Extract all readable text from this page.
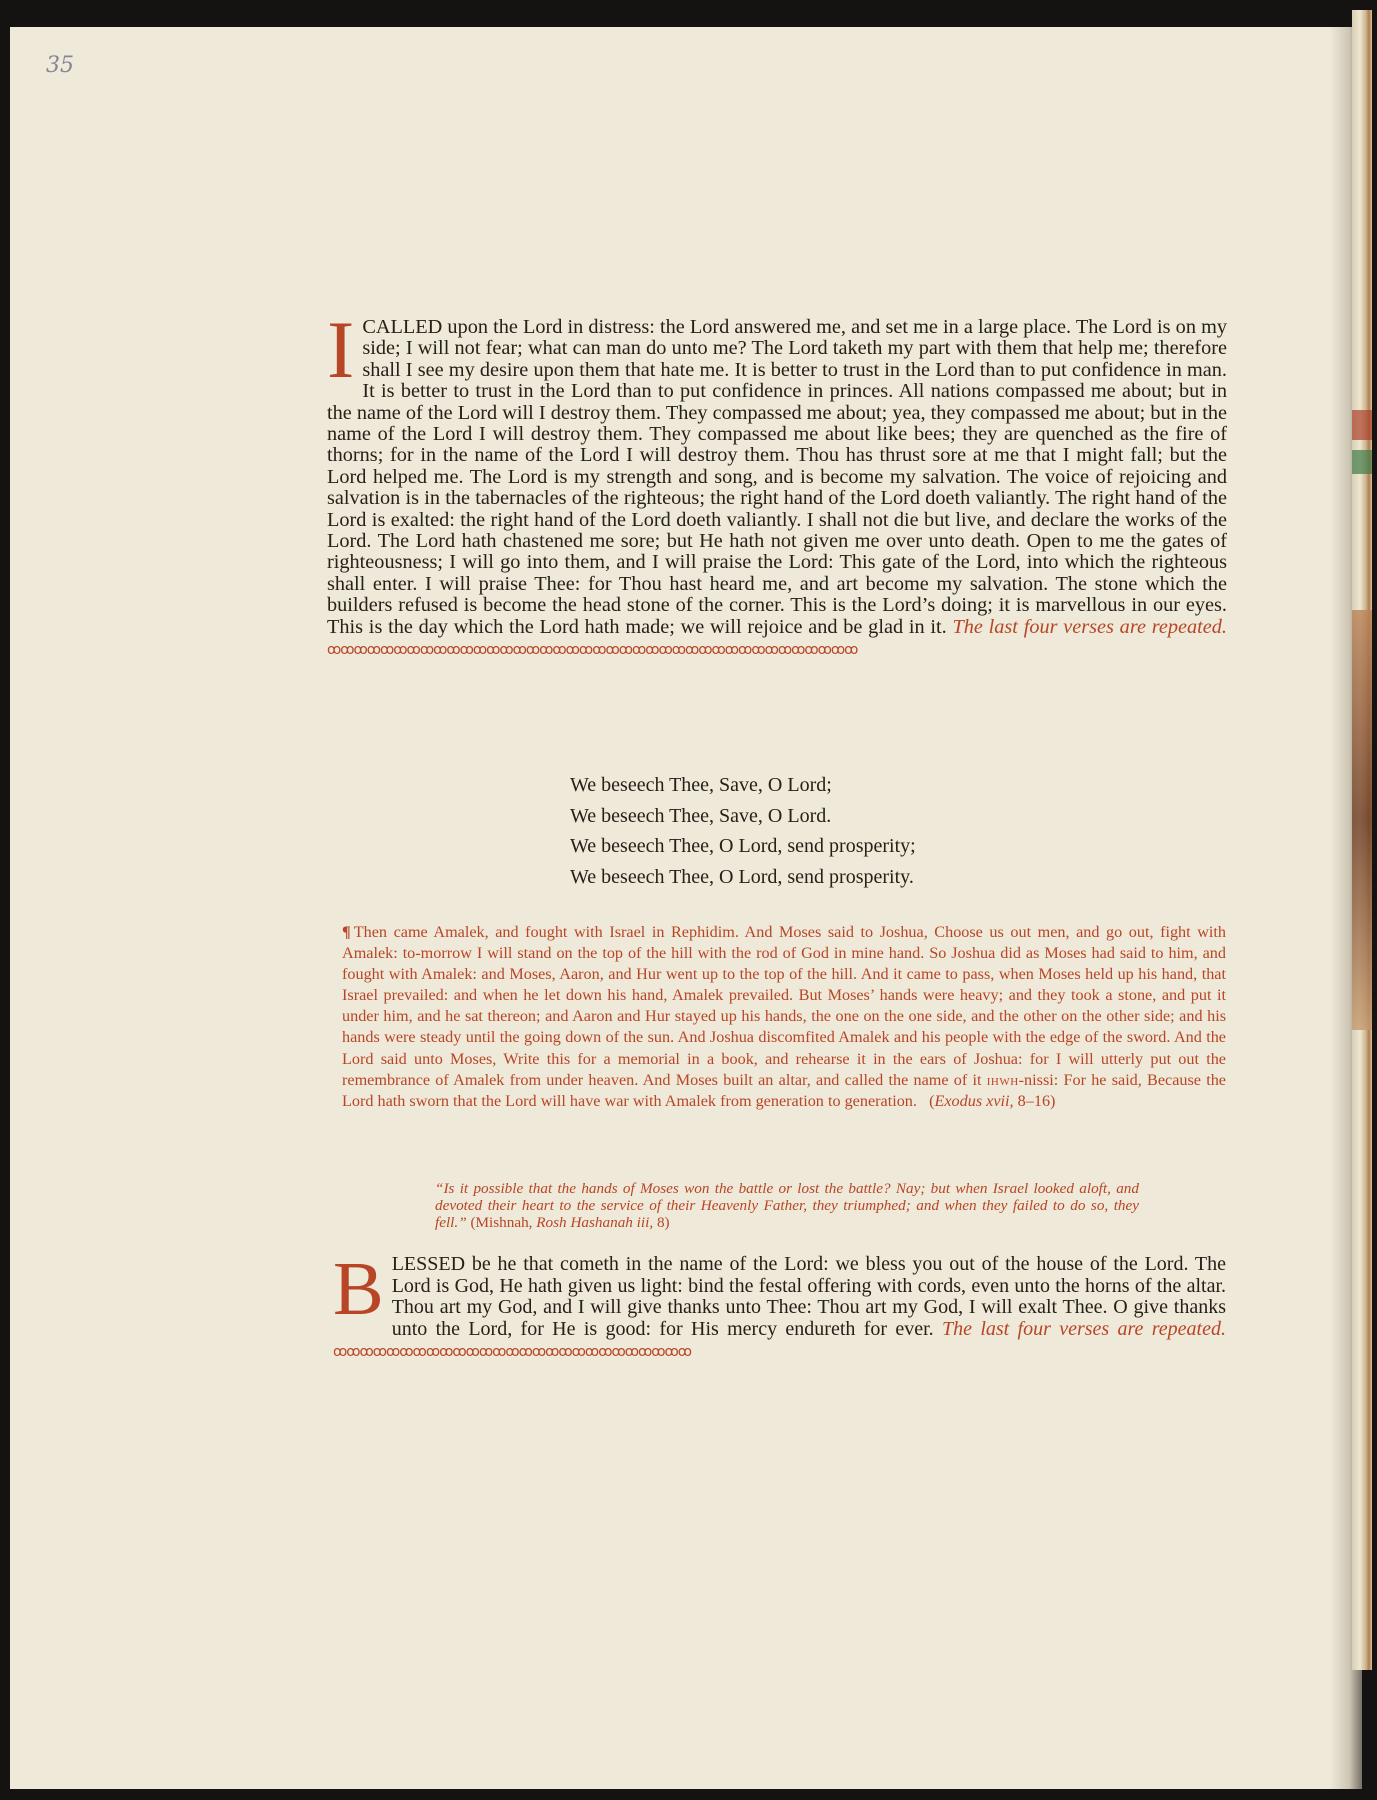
35
ICALLED upon the Lord in distress: the Lord answered me, and set me in a large place. The Lord is on my side; I will not fear; what can man do unto me? The Lord taketh my part with them that help me; therefore shall I see my desire upon them that hate me. It is better to trust in the Lord than to put confidence in man. It is better to trust in the Lord than to put confidence in princes. All nations compassed me about; but in the name of the Lord will I destroy them. They compassed me about; yea, they compassed me about; but in the name of the Lord I will destroy them. They compassed me about like bees; they are quenched as the fire of thorns; for in the name of the Lord I will destroy them. Thou has thrust sore at me that I might fall; but the Lord helped me. The Lord is my strength and song, and is become my salvation. The voice of rejoicing and salvation is in the tabernacles of the righteous; the right hand of the Lord doeth valiantly. The right hand of the Lord is exalted: the right hand of the Lord doeth valiantly. I shall not die but live, and declare the works of the Lord. The Lord hath chastened me sore; but He hath not given me over unto death. Open to me the gates of righteousness; I will go into them, and I will praise the Lord: This gate of the Lord, into which the righteous shall enter. I will praise Thee: for Thou hast heard me, and art become my salvation. The stone which the builders refused is become the head stone of the corner. This is the Lord’s doing; it is marvellous in our eyes. This is the day which the Lord hath made; we will rejoice and be glad in it. The last four verses are repeated. ꝏꝏꝏꝏꝏꝏꝏꝏꝏꝏꝏꝏꝏꝏꝏꝏꝏꝏꝏꝏꝏꝏꝏꝏꝏꝏꝏꝏꝏꝏꝏꝏꝏꝏꝏꝏꝏꝏꝏꝏ
We beseech Thee, Save, O Lord;
We beseech Thee, Save, O Lord.
We beseech Thee, O Lord, send prosperity;
We beseech Thee, O Lord, send prosperity.
¶ Then came Amalek, and fought with Israel in Rephidim. And Moses said to Joshua, Choose us out men, and go out, fight with Amalek: to-morrow I will stand on the top of the hill with the rod of God in mine hand. So Joshua did as Moses had said to him, and fought with Amalek: and Moses, Aaron, and Hur went up to the top of the hill. And it came to pass, when Moses held up his hand, that Israel prevailed: and when he let down his hand, Amalek prevailed. But Moses’ hands were heavy; and they took a stone, and put it under him, and he sat thereon; and Aaron and Hur stayed up his hands, the one on the one side, and the other on the other side; and his hands were steady until the going down of the sun. And Joshua discomfited Amalek and his people with the edge of the sword. And the Lord said unto Moses, Write this for a memorial in a book, and rehearse it in the ears of Joshua: for I will utterly put out the remembrance of Amalek from under heaven. And Moses built an altar, and called the name of it ihwh-nissi: For he said, Because the Lord hath sworn that the Lord will have war with Amalek from generation to generation. (Exodus xvii, 8–16)
“Is it possible that the hands of Moses won the battle or lost the battle? Nay; but when Israel looked aloft, and devoted their heart to the service of their Heavenly Father, they triumphed; and when they failed to do so, they fell.” (Mishnah, Rosh Hashanah iii, 8)
BLESSED be he that cometh in the name of the Lord: we bless you out of the house of the Lord. The Lord is God, He hath given us light: bind the festal offering with cords, even unto the horns of the altar. Thou art my God, and I will give thanks unto Thee: Thou art my God, I will exalt Thee. O give thanks unto the Lord, for He is good: for His mercy endureth for ever. The last four verses are repeated. ꝏꝏꝏꝏꝏꝏꝏꝏꝏꝏꝏꝏꝏꝏꝏꝏꝏꝏꝏꝏꝏꝏꝏꝏꝏꝏꝏ
